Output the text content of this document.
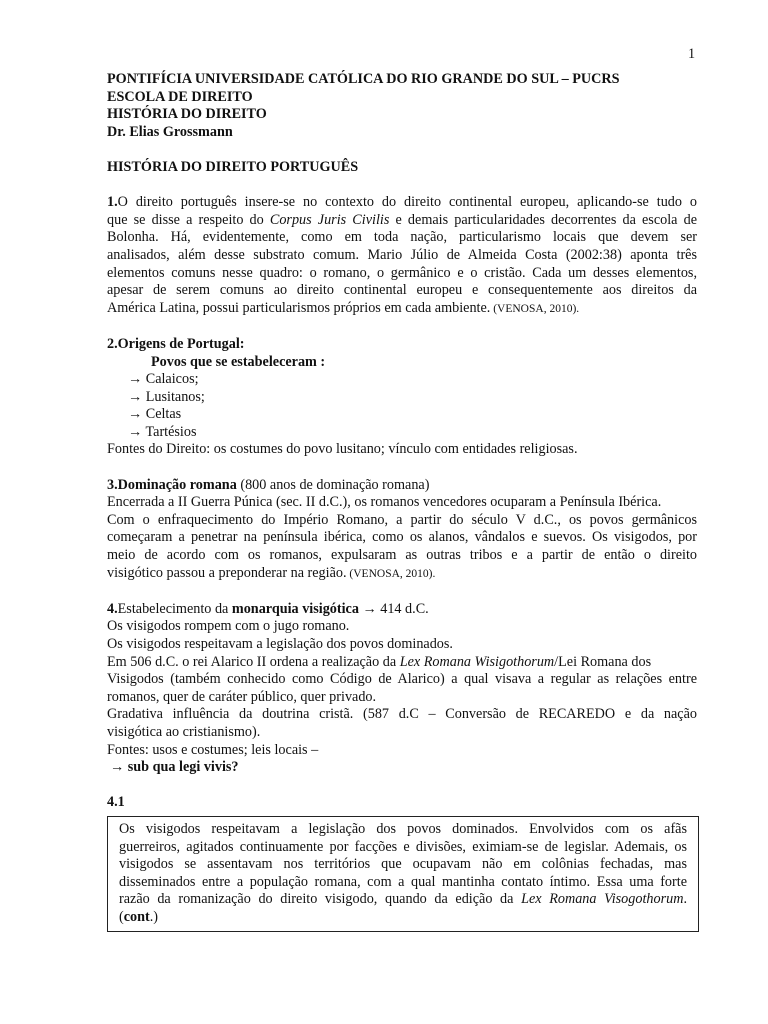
1
PONTIFÍCIA UNIVERSIDADE CATÓLICA DO RIO GRANDE DO SUL – PUCRS
ESCOLA DE DIREITO
HISTÓRIA DO DIREITO
Dr. Elias Grossmann
HISTÓRIA DO DIREITO PORTUGUÊS
1.O direito português insere-se no contexto do direito continental europeu, aplicando-se tudo o
que se disse a respeito do Corpus Juris Civilis e demais particularidades decorrentes da escola de
Bolonha. Há, evidentemente, como em toda nação, particularismo locais que devem ser
analisados, além desse substrato comum. Mario Júlio de Almeida Costa (2002:38) aponta três
elementos comuns nesse quadro: o romano, o germânico e o cristão. Cada um desses elementos,
apesar de serem comuns ao direito continental europeu e consequentemente aos direitos da
América Latina, possui particularismos próprios em cada ambiente. (VENOSA, 2010).
2.Origens de Portugal:
Povos que se estabeleceram :
→ Calaicos;
→ Lusitanos;
→ Celtas
→ Tartésios
Fontes do Direito: os costumes do povo lusitano; vínculo com entidades religiosas.
3.Dominação romana (800 anos de dominação romana)
Encerrada a II Guerra Púnica (sec. II d.C.), os romanos vencedores ocuparam a Península Ibérica.
Com o enfraquecimento do Império Romano, a partir do século V d.C., os povos germânicos
começaram a penetrar na península ibérica, como os alanos, vândalos e suevos. Os visigodos, por
meio de acordo com os romanos, expulsaram as outras tribos e a partir de então o direito
visigótico passou a preponderar na região. (VENOSA, 2010).
4.Estabelecimento da monarquia visigótica → 414 d.C.
Os visigodos rompem com o jugo romano.
Os visigodos respeitavam a legislação dos povos dominados.
Em 506 d.C. o rei Alarico II ordena a realização da Lex Romana Wisigothorum/Lei Romana dos
Visigodos (também conhecido como Código de Alarico) a qual visava a regular as relações entre
romanos, quer de caráter público, quer privado.
Gradativa influência da doutrina cristã. (587 d.C – Conversão de RECAREDO e da nação
visigótica ao cristianismo).
Fontes: usos e costumes; leis locais –
→ sub qua legi vivis?
4.1
Os visigodos respeitavam a legislação dos povos dominados. Envolvidos com os afãs
guerreiros, agitados continuamente por facções e divisões, eximiam-se de legislar. Ademais, os
visigodos se assentavam nos territórios que ocupavam não em colônias fechadas, mas
disseminados entre a população romana, com a qual mantinha contato íntimo. Essa uma forte
razão da romanização do direito visigodo, quando da edição da Lex Romana Visogothorum.
(cont.)
